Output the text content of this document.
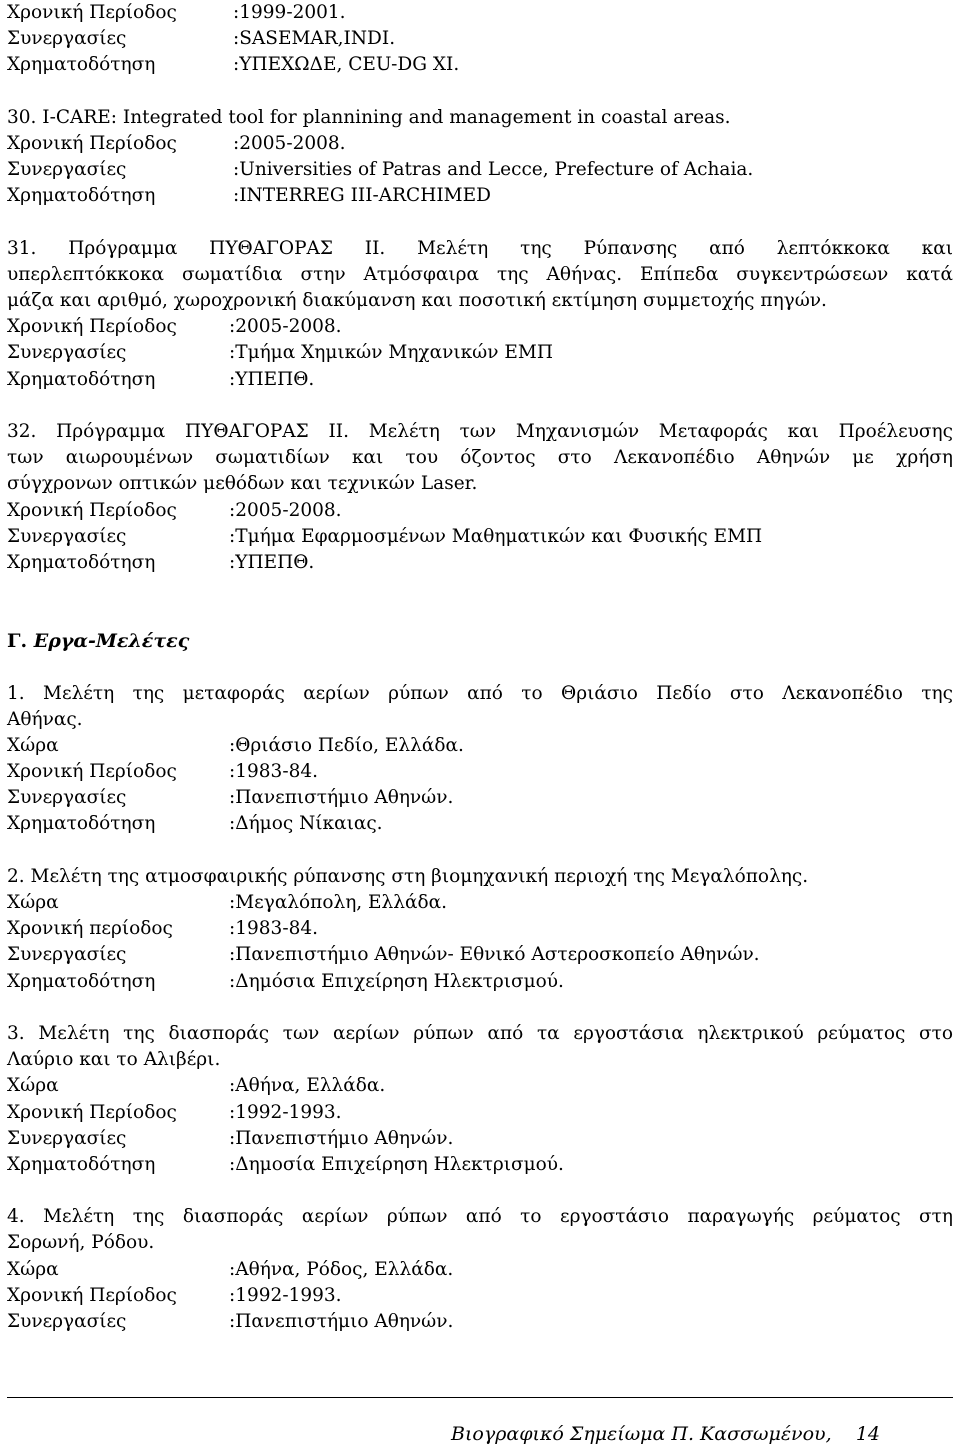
Χρονική Περίοδος	:1999-2001.
Συνεργασίες	:SASEMAR,INDI.
Χρηματοδότηση	:ΥΠΕΧΩΔΕ, CEU-DG XI.
30. I-CARE: Integrated tool for plannining and management in coastal areas.
Χρονική Περίοδος	:2005-2008.
Συνεργασίες	:Universities of Patras and Lecce, Prefecture of Achaia.
Χρηματοδότηση	:INTERREG III-ARCHIMED
31. Πρόγραμμα ΠΥΘΑΓΟΡΑΣ ΙΙ. Μελέτη της Ρύπανσης από λεπτόκκοκα και
υπερλεπτόκκοκα σωματίδια στην Ατμόσφαιρα της Αθήνας. Επίπεδα συγκεντρώσεων κατά
μάζα και αριθμό, χωροχρονική διακύμανση και ποσοτική εκτίμηση συμμετοχής πηγών.
Χρονική Περίοδος	:2005-2008.
Συνεργασίες	:Τμήμα Χημικών Μηχανικών ΕΜΠ
Χρηματοδότηση	:ΥΠΕΠΘ.
32. Πρόγραμμα ΠΥΘΑΓΟΡΑΣ ΙΙ. Μελέτη των Μηχανισμών Μεταφοράς και Προέλευσης
των αιωρουμένων σωματιδίων και του όζοντος στο Λεκανοπέδιο Αθηνών με χρήση
σύγχρονων οπτικών μεθόδων και τεχνικών Laser.
Χρονική Περίοδος	:2005-2008.
Συνεργασίες	:Τμήμα Εφαρμοσμένων Μαθηματικών και Φυσικής ΕΜΠ
Χρηματοδότηση	:ΥΠΕΠΘ.
Γ. Εργα-Μελέτες
1. Μελέτη της μεταφοράς αερίων ρύπων από το Θριάσιο Πεδίο στο Λεκανοπέδιο της
Αθήνας.
Χώρα	:Θριάσιο Πεδίο, Ελλάδα.
Χρονική Περίοδος	:1983-84.
Συνεργασίες	:Πανεπιστήμιο Αθηνών.
Χρηματοδότηση	:Δήμος Νίκαιας.
2. Μελέτη της ατμοσφαιρικής ρύπανσης στη βιομηχανική περιοχή της Μεγαλόπολης.
Χώρα	:Μεγαλόπολη, Ελλάδα.
Χρονική περίοδος	:1983-84.
Συνεργασίες	:Πανεπιστήμιο Αθηνών- Εθνικό Αστεροσκοπείο Αθηνών.
Χρηματοδότηση	:Δημόσια Επιχείρηση Ηλεκτρισμού.
3. Μελέτη της διασποράς των αερίων ρύπων από τα εργοστάσια ηλεκτρικού ρεύματος στο
Λαύριο και το Αλιβέρι.
Χώρα	:Αθήνα, Ελλάδα.
Χρονική Περίοδος	:1992-1993.
Συνεργασίες	:Πανεπιστήμιο Αθηνών.
Χρηματοδότηση	:Δημοσία Επιχείρηση Ηλεκτρισμού.
4. Μελέτη της διασποράς αερίων ρύπων από το εργοστάσιο παραγωγής ρεύματος στη
Σορωνή, Ρόδου.
Χώρα	:Αθήνα, Ρόδος, Ελλάδα.
Χρονική Περίοδος	:1992-1993.
Συνεργασίες	:Πανεπιστήμιο Αθηνών.
Βιογραφικό Σημείωμα Π. Κασσωμένου, 14
